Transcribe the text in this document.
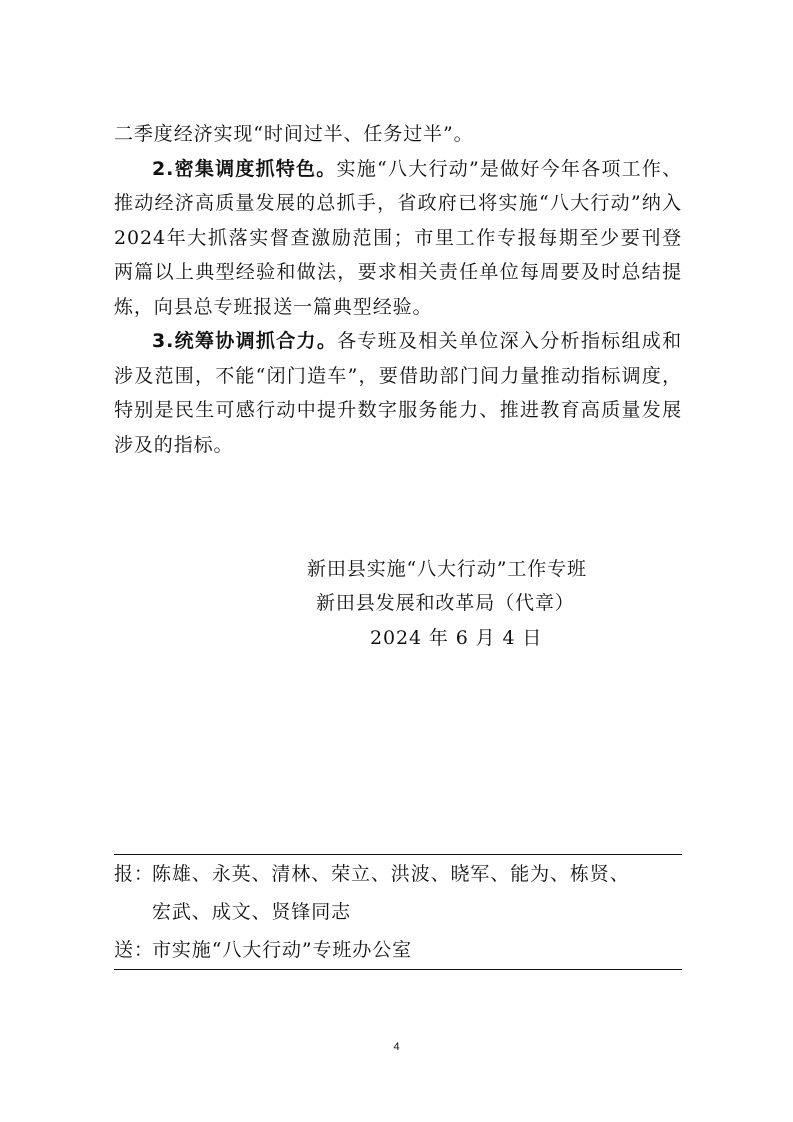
二季度经济实现“时间过半、任务过半”。

2.密集调度抓特色。实施“八大行动”是做好今年各项工作、推动经济高质量发展的总抓手，省政府已将实施“八大行动”纳入2024年大抓落实督查激励范围；市里工作专报每期至少要刊登两篇以上典型经验和做法，要求相关责任单位每周要及时总结提炼，向县总专班报送一篇典型经验。

3.统筹协调抓合力。各专班及相关单位深入分析指标组成和涉及范围，不能“闭门造车”，要借助部门间力量推动指标调度，特别是民生可感行动中提升数字服务能力、推进教育高质量发展涉及的指标。

新田县实施“八大行动”工作专班
新田县发展和改革局（代章）
2024 年 6 月 4 日
报：
陈雄、永英、清林、荣立、洪波、晓军、能为、栋贤、
宏武、成文、贤锋同志
送：
市实施“八大行动”专班办公室
4
